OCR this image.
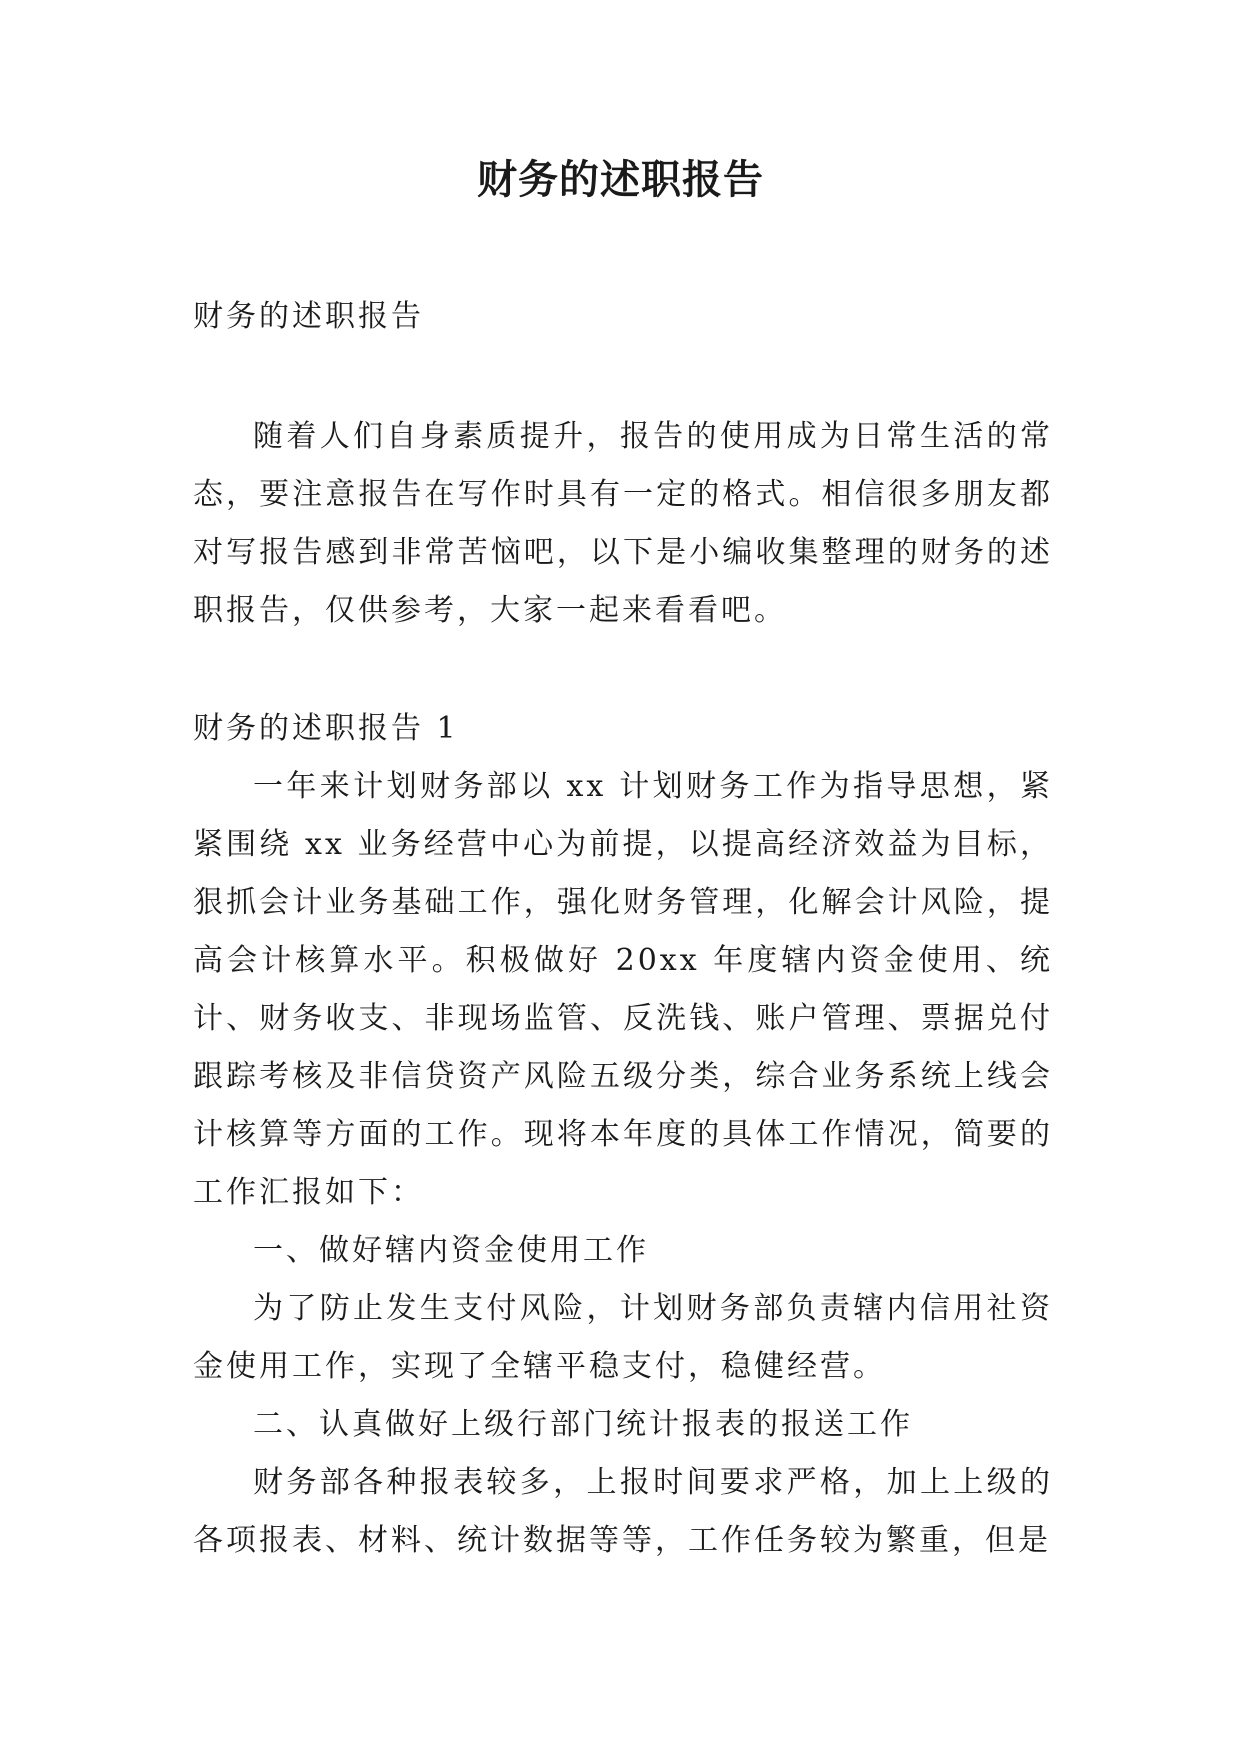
财务的述职报告

财务的述职报告

随着人们自身素质提升，报告的使用成为日常生活的常态，要注意报告在写作时具有一定的格式。相信很多朋友都对写报告感到非常苦恼吧，以下是小编收集整理的财务的述职报告，仅供参考，大家一起来看看吧。

财务的述职报告 1

一年来计划财务部以 xx 计划财务工作为指导思想，紧紧围绕 xx 业务经营中心为前提，以提高经济效益为目标，狠抓会计业务基础工作，强化财务管理，化解会计风险，提高会计核算水平。积极做好 20xx 年度辖内资金使用、统计、财务收支、非现场监管、反洗钱、账户管理、票据兑付跟踪考核及非信贷资产风险五级分类，综合业务系统上线会计核算等方面的工作。现将本年度的具体工作情况，简要的工作汇报如下：

一、做好辖内资金使用工作

为了防止发生支付风险，计划财务部负责辖内信用社资金使用工作，实现了全辖平稳支付，稳健经营。

二、认真做好上级行部门统计报表的报送工作

财务部各种报表较多，上报时间要求严格，加上上级的各项报表、材料、统计数据等等，工作任务较为繁重，但是
